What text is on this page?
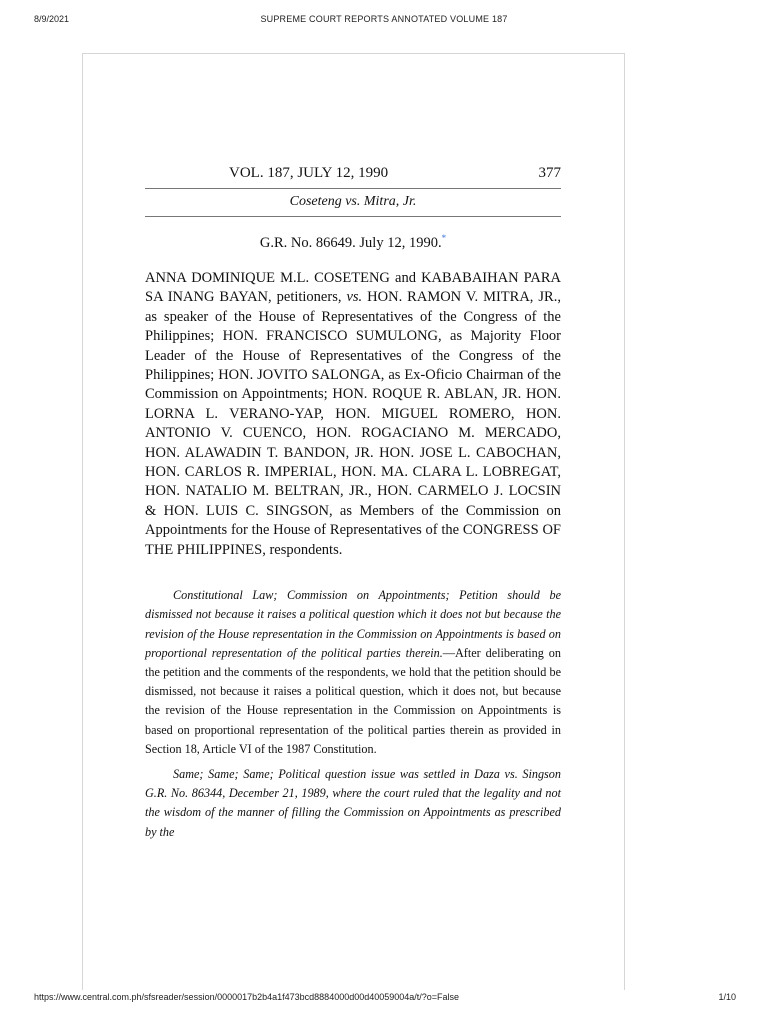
8/9/2021	SUPREME COURT REPORTS ANNOTATED VOLUME 187
VOL. 187, JULY 12, 1990	377
Coseteng vs. Mitra, Jr.
G.R. No. 86649. July 12, 1990.*
ANNA DOMINIQUE M.L. COSETENG and KABABAIHAN PARA SA INANG BAYAN, petitioners, vs. HON. RAMON V. MITRA, JR., as speaker of the House of Representatives of the Congress of the Philippines; HON. FRANCISCO SUMULONG, as Majority Floor Leader of the House of Representatives of the Congress of the Philippines; HON. JOVITO SALONGA, as Ex-Oficio Chairman of the Commission on Appointments; HON. ROQUE R. ABLAN, JR. HON. LORNA L. VERANO-YAP, HON. MIGUEL ROMERO, HON. ANTONIO V. CUENCO, HON. ROGACIANO M. MERCADO, HON. ALAWADIN T. BANDON, JR. HON. JOSE L. CABOCHAN, HON. CARLOS R. IMPERIAL, HON. MA. CLARA L. LOBREGAT, HON. NATALIO M. BELTRAN, JR., HON. CARMELO J. LOCSIN & HON. LUIS C. SINGSON, as Members of the Commission on Appointments for the House of Representatives of the CONGRESS OF THE PHILIPPINES, respondents.

Constitutional Law; Commission on Appointments; Petition should be dismissed not because it raises a political question which it does not but because the revision of the House representation in the Commission on Appointments is based on proportional representation of the political parties therein.—After deliberating on the petition and the comments of the respondents, we hold that the petition should be dismissed, not because it raises a political question, which it does not, but because the revision of the House representation in the Commission on Appointments is based on proportional representation of the political parties therein as provided in Section 18, Article VI of the 1987 Constitution.

Same; Same; Same; Political question issue was settled in Daza vs. Singson G.R. No. 86344, December 21, 1989, where the court ruled that the legality and not the wisdom of the manner of filling the Commission on Appointments as prescribed by the

https://www.central.com.ph/sfsreader/session/0000017b2b4a1f473bcd8884000d00d40059004a/t/?o=False	1/10
